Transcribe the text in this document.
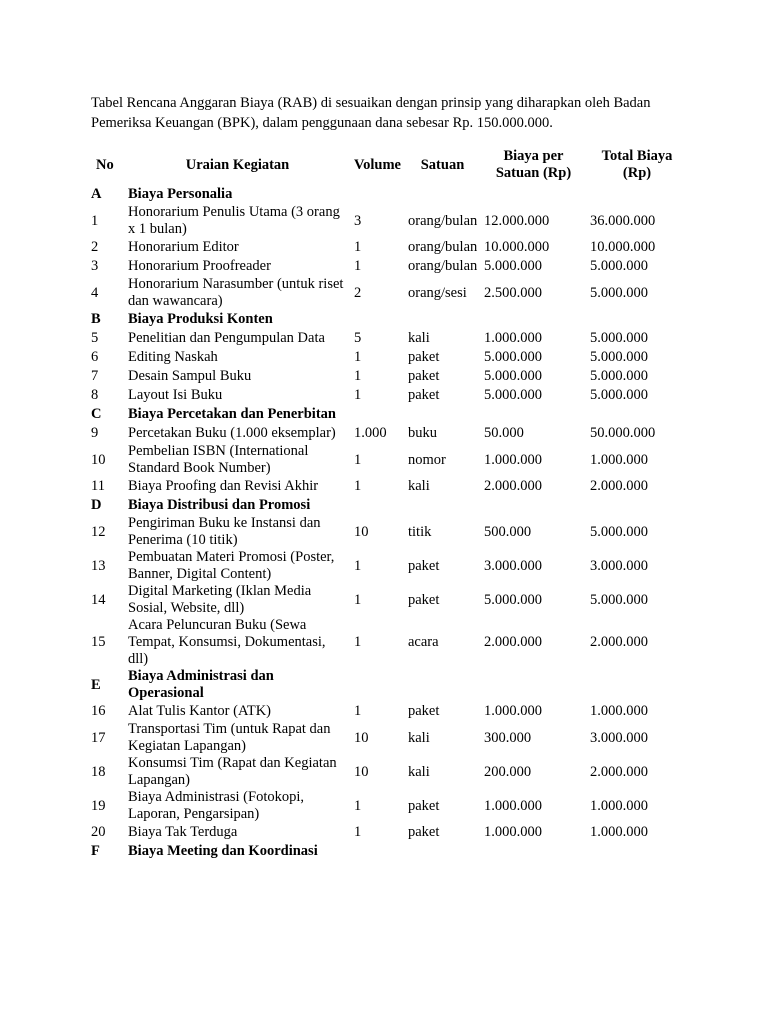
Tabel Rencana Anggaran Biaya (RAB) di sesuaikan dengan prinsip yang diharapkan oleh Badan Pemeriksa Keuangan (BPK), dalam penggunaan dana sebesar Rp. 150.000.000.

No	Uraian Kegiatan	Volume	Satuan	Biaya per Satuan (Rp)	Total Biaya (Rp)
A	Biaya Personalia				
1	Honorarium Penulis Utama (3 orang x 1 bulan)	3	orang/bulan	12.000.000	36.000.000
2	Honorarium Editor	1	orang/bulan	10.000.000	10.000.000
3	Honorarium Proofreader	1	orang/bulan	5.000.000	5.000.000
4	Honorarium Narasumber (untuk riset dan wawancara)	2	orang/sesi	2.500.000	5.000.000
B	Biaya Produksi Konten				
5	Penelitian dan Pengumpulan Data	5	kali	1.000.000	5.000.000
6	Editing Naskah	1	paket	5.000.000	5.000.000
7	Desain Sampul Buku	1	paket	5.000.000	5.000.000
8	Layout Isi Buku	1	paket	5.000.000	5.000.000
C	Biaya Percetakan dan Penerbitan				
9	Percetakan Buku (1.000 eksemplar)	1.000	buku	50.000	50.000.000
10	Pembelian ISBN (International Standard Book Number)	1	nomor	1.000.000	1.000.000
11	Biaya Proofing dan Revisi Akhir	1	kali	2.000.000	2.000.000
D	Biaya Distribusi dan Promosi				
12	Pengiriman Buku ke Instansi dan Penerima (10 titik)	10	titik	500.000	5.000.000
13	Pembuatan Materi Promosi (Poster, Banner, Digital Content)	1	paket	3.000.000	3.000.000
14	Digital Marketing (Iklan Media Sosial, Website, dll)	1	paket	5.000.000	5.000.000
15	Acara Peluncuran Buku (Sewa Tempat, Konsumsi, Dokumentasi, dll)	1	acara	2.000.000	2.000.000
E	Biaya Administrasi dan Operasional				
16	Alat Tulis Kantor (ATK)	1	paket	1.000.000	1.000.000
17	Transportasi Tim (untuk Rapat dan Kegiatan Lapangan)	10	kali	300.000	3.000.000
18	Konsumsi Tim (Rapat dan Kegiatan Lapangan)	10	kali	200.000	2.000.000
19	Biaya Administrasi (Fotokopi, Laporan, Pengarsipan)	1	paket	1.000.000	1.000.000
20	Biaya Tak Terduga	1	paket	1.000.000	1.000.000
F	Biaya Meeting dan Koordinasi				
